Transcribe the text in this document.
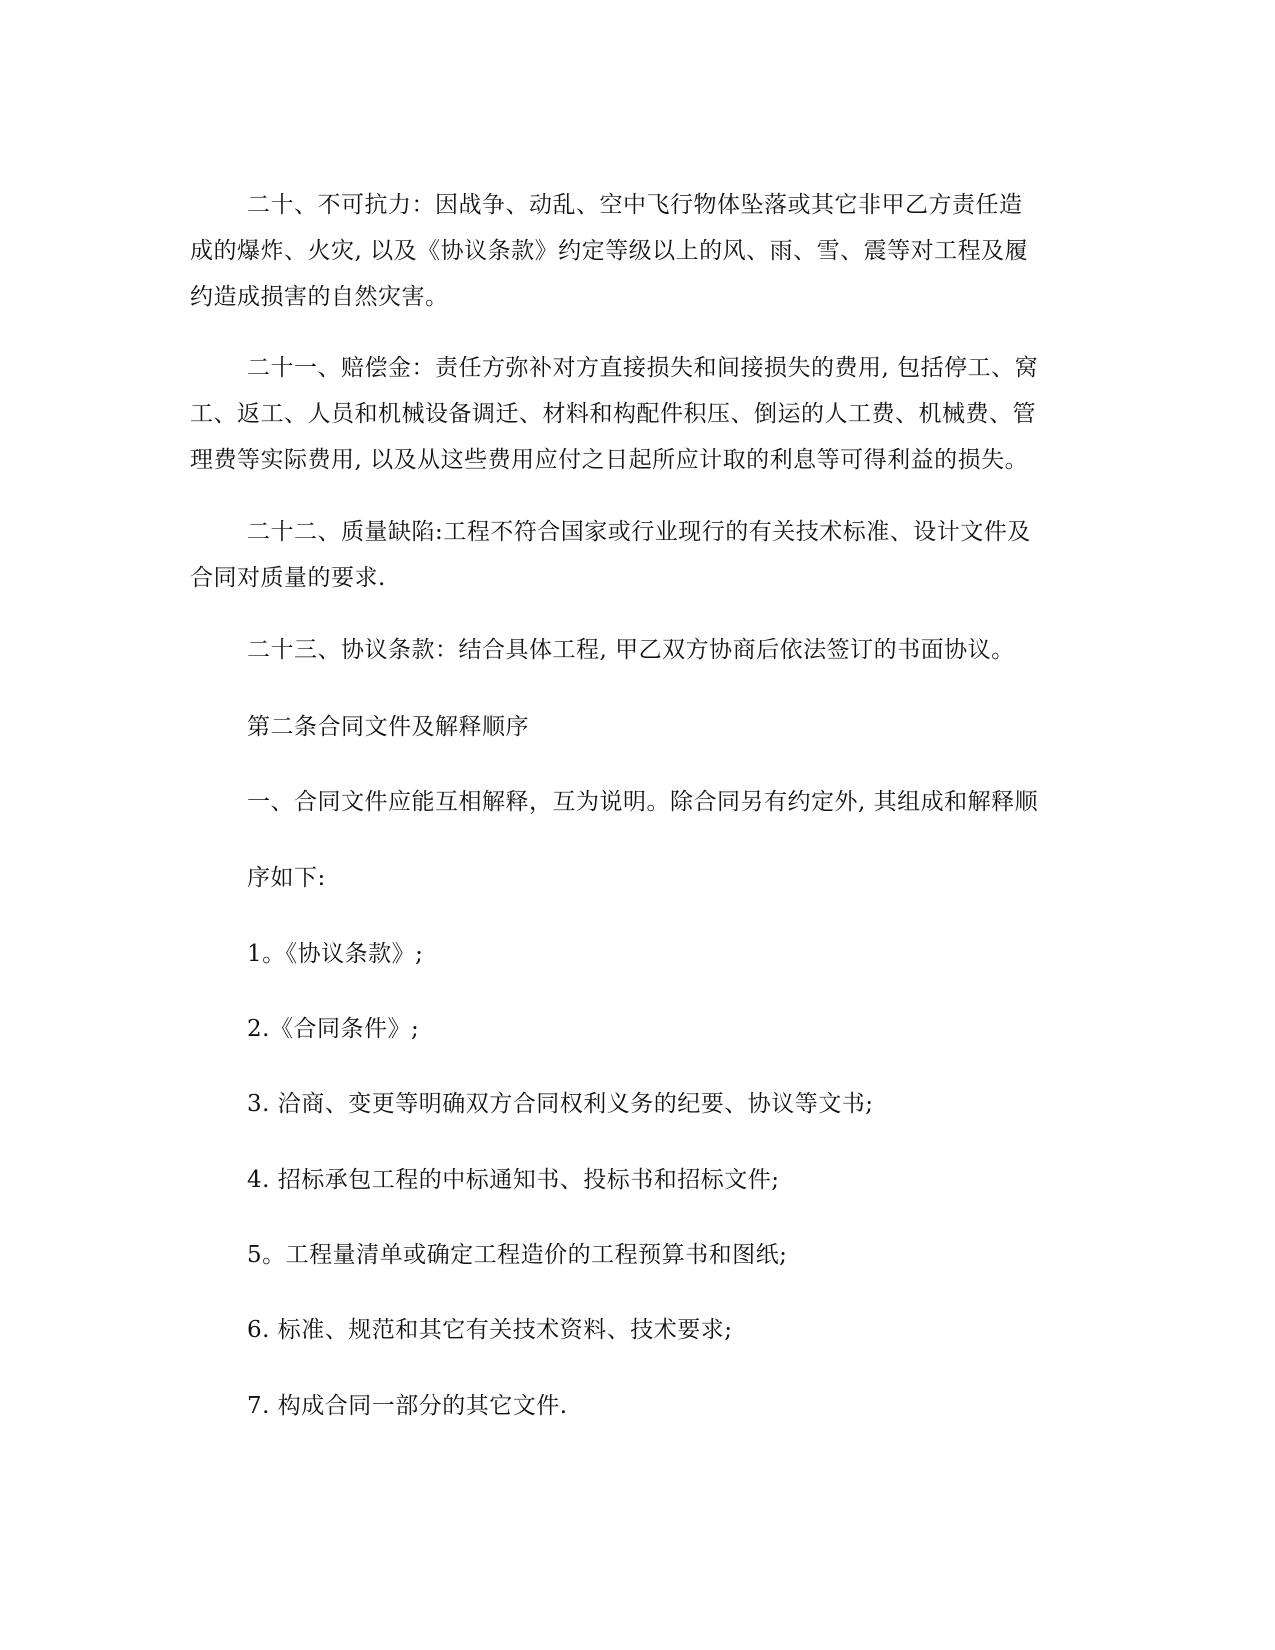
二十、不可抗力：因战争、动乱、空中飞行物体坠落或其它非甲乙方责任造
成的爆炸、火灾, 以及《协议条款》约定等级以上的风、雨、雪、震等对工程及履
约造成损害的自然灾害。
二十一、赔偿金：责任方弥补对方直接损失和间接损失的费用, 包括停工、窝
工、返工、人员和机械设备调迁、材料和构配件积压、倒运的人工费、机械费、管
理费等实际费用, 以及从这些费用应付之日起所应计取的利息等可得利益的损失。
二十二、质量缺陷:工程不符合国家或行业现行的有关技术标准、设计文件及
合同对质量的要求.
二十三、协议条款：结合具体工程, 甲乙双方协商后依法签订的书面协议。
第二条合同文件及解释顺序
一、合同文件应能互相解释，互为说明。除合同另有约定外, 其组成和解释顺
序如下:
1。《协议条款》;
2.《合同条件》;
3. 洽商、变更等明确双方合同权利义务的纪要、协议等文书;
4. 招标承包工程的中标通知书、投标书和招标文件;
5。工程量清单或确定工程造价的工程预算书和图纸;
6. 标准、规范和其它有关技术资料、技术要求;
7. 构成合同一部分的其它文件.
